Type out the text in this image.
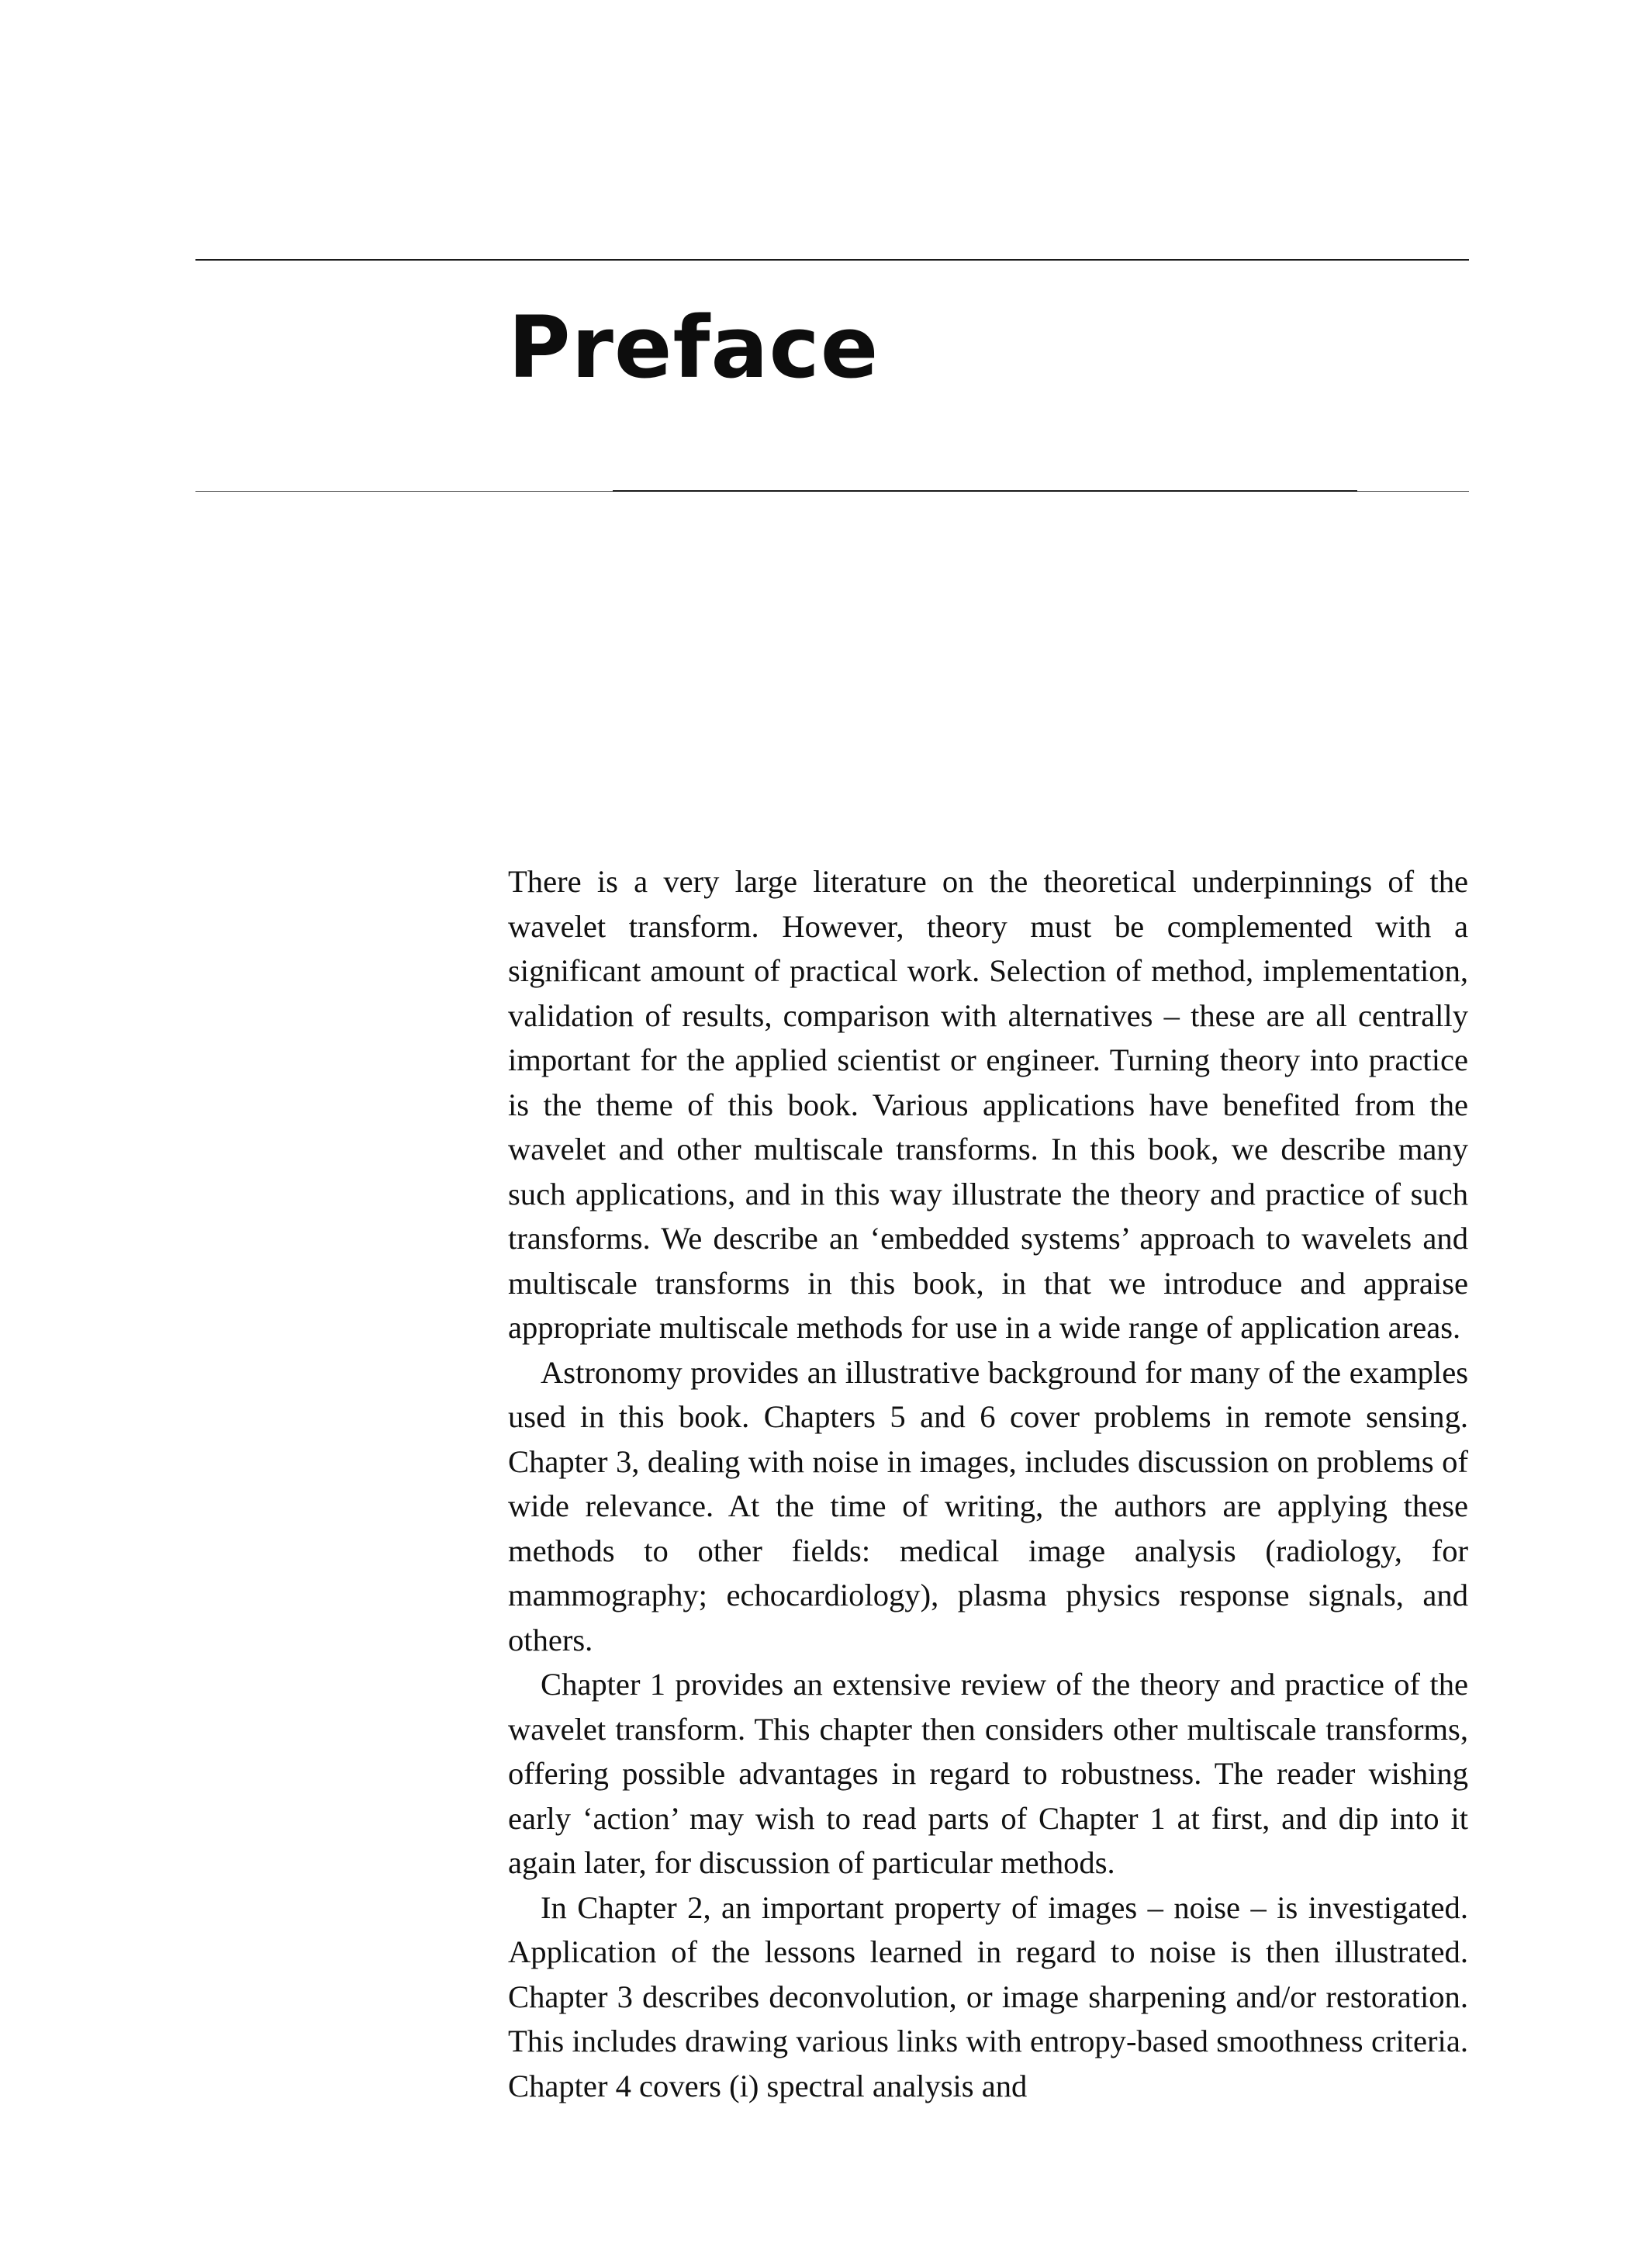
Preface

There is a very large literature on the theoretical underpinnings of the wavelet transform. However, theory must be complemented with a significant amount of practical work. Selection of method, implementation, validation of results, comparison with alternatives – these are all centrally important for the applied scientist or engineer. Turning theory into practice is the theme of this book. Various applications have benefited from the wavelet and other multiscale transforms. In this book, we describe many such applications, and in this way illustrate the theory and practice of such transforms. We describe an ‘embedded systems’ approach to wavelets and multiscale transforms in this book, in that we introduce and appraise appropriate multiscale methods for use in a wide range of application areas.

Astronomy provides an illustrative background for many of the examples used in this book. Chapters 5 and 6 cover problems in remote sensing. Chapter 3, dealing with noise in images, includes discussion on problems of wide relevance. At the time of writing, the authors are applying these methods to other fields: medical image analysis (radiology, for mammography; echocardiology), plasma physics response signals, and others.

Chapter 1 provides an extensive review of the theory and practice of the wavelet transform. This chapter then considers other multiscale transforms, offering possible advantages in regard to robustness. The reader wishing early ‘action’ may wish to read parts of Chapter 1 at first, and dip into it again later, for discussion of particular methods.

In Chapter 2, an important property of images – noise – is investigated. Application of the lessons learned in regard to noise is then illustrated. Chapter 3 describes deconvolution, or image sharpening and/or restoration. This includes drawing various links with entropy-based smoothness criteria. Chapter 4 covers (i) spectral analysis and
